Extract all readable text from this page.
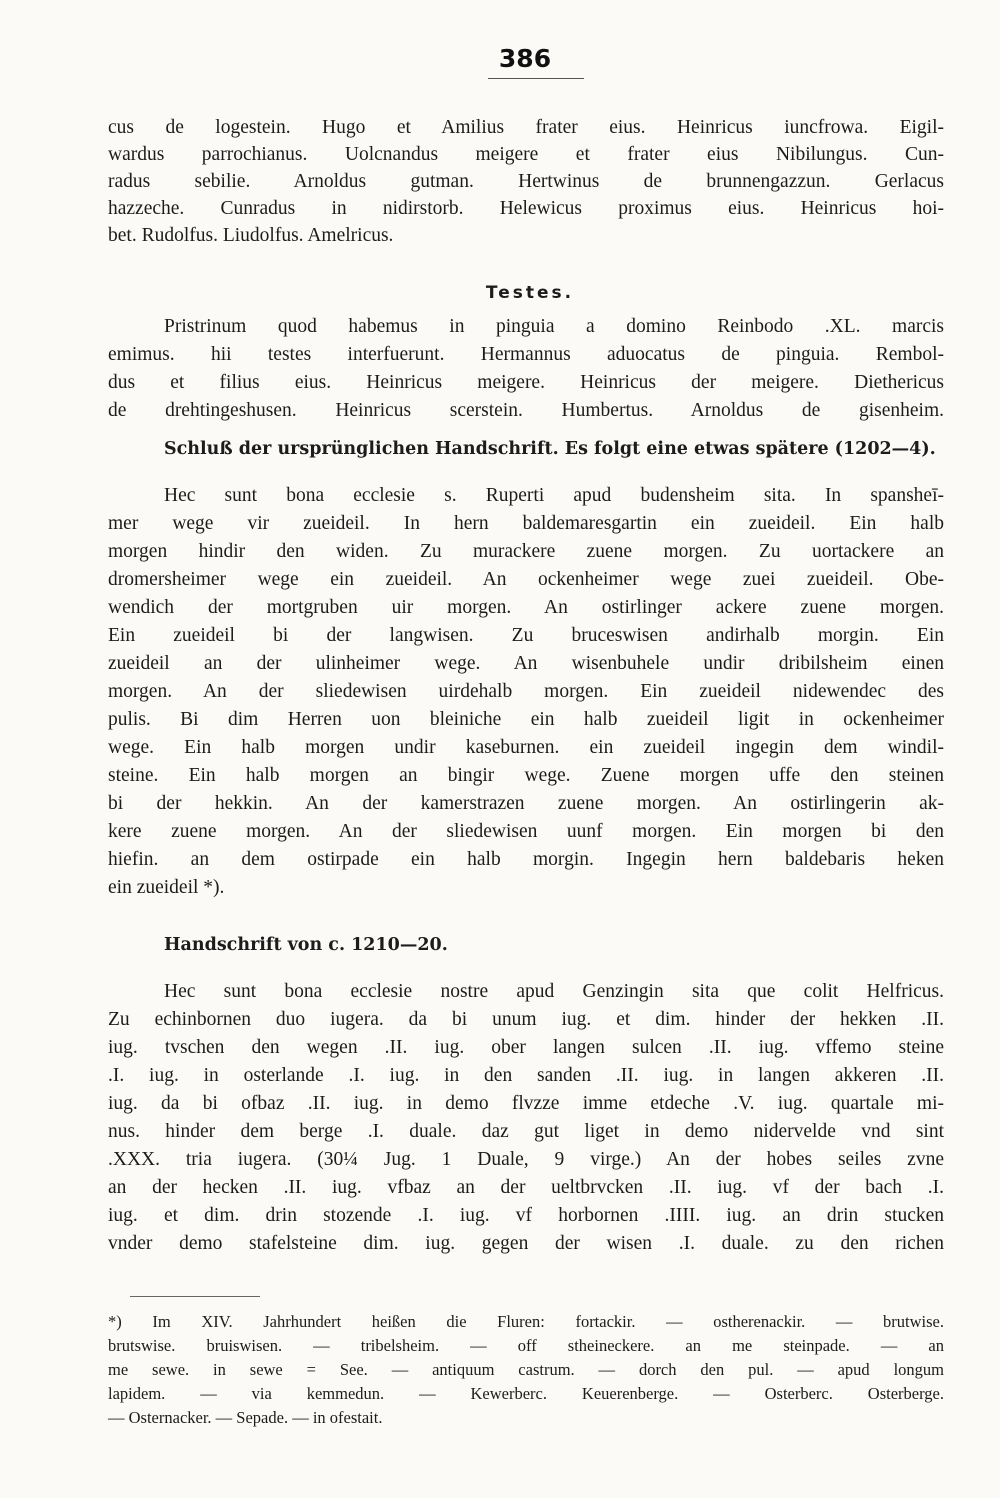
386
cus de logestein. Hugo et Amilius frater eius. Heinricus iuncfrowa. Eigil-
wardus parrochianus. Uolcnandus meigere et frater eius Nibilungus. Cun-
radus sebilie. Arnoldus gutman. Hertwinus de brunnengazzun. Gerlacus
hazzeche. Cunradus in nidirstorb. Helewicus proximus eius. Heinricus hoi-
bet. Rudolfus. Liudolfus. Amelricus.
Testes.
Pristrinum quod habemus in pinguia a domino Reinbodo .XL. marcis
emimus. hii testes interfuerunt. Hermannus aduocatus de pinguia. Rembol-
dus et filius eius. Heinricus meigere. Heinricus der meigere. Diethericus
de drehtingeshusen. Heinricus scerstein. Humbertus. Arnoldus de gisenheim.
Schluß der ursprünglichen Handschrift. Es folgt eine etwas spätere (1202—4).
Hec sunt bona ecclesie s. Ruperti apud budensheim sita. In spansheī-
mer wege vir zueideil. In hern baldemaresgartin ein zueideil. Ein halb
morgen hindir den widen. Zu murackere zuene morgen. Zu uortackere an
dromersheimer wege ein zueideil. An ockenheimer wege zuei zueideil. Obe-
wendich der mortgruben uir morgen. An ostirlinger ackere zuene morgen.
Ein zueideil bi der langwisen. Zu bruceswisen andirhalb morgin. Ein
zueideil an der ulinheimer wege. An wisenbuhele undir dribilsheim einen
morgen. An der sliedewisen uirdehalb morgen. Ein zueideil nidewendec des
pulis. Bi dim Herren uon bleiniche ein halb zueideil ligit in ockenheimer
wege. Ein halb morgen undir kaseburnen. ein zueideil ingegin dem windil-
steine. Ein halb morgen an bingir wege. Zuene morgen uffe den steinen
bi der hekkin. An der kamerstrazen zuene morgen. An ostirlingerin ak-
kere zuene morgen. An der sliedewisen uunf morgen. Ein morgen bi den
hiefin. an dem ostirpade ein halb morgin. Ingegin hern baldebaris heken
ein zueideil *).
Handschrift von c. 1210—20.
Hec sunt bona ecclesie nostre apud Genzingin sita que colit Helfricus.
Zu echinbornen duo iugera. da bi unum iug. et dim. hinder der hekken .II.
iug. tvschen den wegen .II. iug. ober langen sulcen .II. iug. vffemo steine
.I. iug. in osterlande .I. iug. in den sanden .II. iug. in langen akkeren .II.
iug. da bi ofbaz .II. iug. in demo flvzze imme etdeche .V. iug. quartale mi-
nus. hinder dem berge .I. duale. daz gut liget in demo nidervelde vnd sint
.XXX. tria iugera. (30¼ Jug. 1 Duale, 9 virge.) An der hobes seiles zvne
an der hecken .II. iug. vfbaz an der ueltbrvcken .II. iug. vf der bach .I.
iug. et dim. drin stozende .I. iug. vf horbornen .IIII. iug. an drin stucken
vnder demo stafelsteine dim. iug. gegen der wisen .I. duale. zu den richen
*) Im XIV. Jahrhundert heißen die Fluren: fortackir. — ostherenackir. — brutwise.
brutswise. bruiswisen. — tribelsheim. — off stheineckere. an me steinpade. — an
me sewe. in sewe = See. — antiquum castrum. — dorch den pul. — apud longum
lapidem. — via kemmedun. — Kewerberc. Keuerenberge. — Osterberc. Osterberge.
— Osternacker. — Sepade. — in ofestait.
